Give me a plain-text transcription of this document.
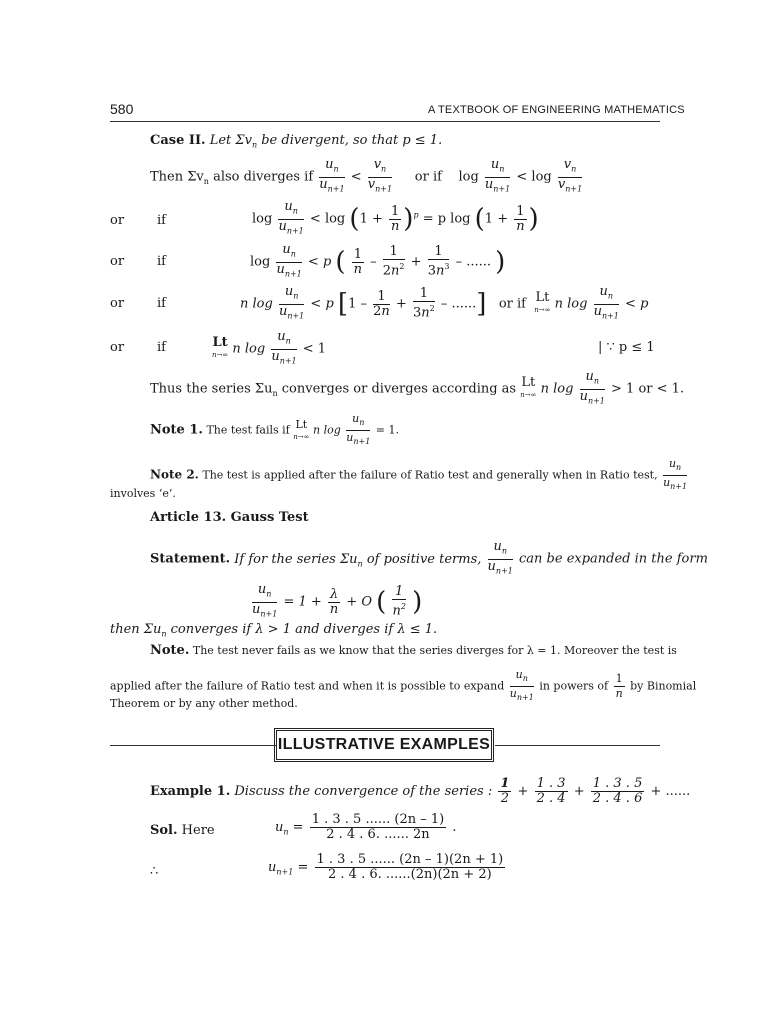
580	A TEXTBOOK OF ENGINEERING MATHEMATICS
Case II. Let $\Sigma v_n$ be divergent, so that p ≤ 1.
Then $\Sigma v_n$ also diverges if $\frac{u_n}{u_{n+1}} < \frac{v_n}{v_{n+1}}$ or if $\log \frac{u_n}{u_{n+1}} < \log \frac{v_n}{v_{n+1}}$
or	if	$\log \frac{u_n}{u_{n+1}} < \log (1 + \frac{1}{n} )^p = p$ $\log (1 + \frac{1}{n}$ )
or	if	$\log \frac{u_n}{u_{n+1}} < p$ ( $\frac{1}{n} - \frac{1}{2n^2} + \frac{1}{3n^3}$ – ...... )
or	if	n $\log \frac{u_n}{u_{n+1}} < p$ [$1 - \frac{1}{2n} + \frac{1}{3n^2}$ – ......] or if Lt
n→∞ n $\log \frac{u_n}{u_{n+1}} < p$
or	if	Lt
n→∞ n $\log \frac{u_n}{u_{n+1}} < 1$	| ∵ p ≤ 1
Thus the series $\Sigma u_n$ converges or diverges according as Lt
n→∞ n $\log \frac{u_n}{u_{n+1}} > 1$ or < 1.
Note 1. The test fails if Lt
n→∞ n $\log \frac{u_n}{u_{n+1}} = 1$.
Note 2. The test is applied after the failure of Ratio test and generally when in Ratio test, $\frac{u_n}{u_{n+1}}$
involves ‘e’.
Article 13. Gauss Test
Statement. If for the series $\Sigma u_n$ of positive terms, $\frac{u_n}{u_{n+1}}$ can be expanded in the form
$\frac{u_n}{u_{n+1}} = 1 + \frac{\lambda}{n} + O$ ( $\frac{1}{n^2}$ )
then $\Sigma u_n$ converges if λ > 1 and diverges if λ ≤ 1.
Note. The test never fails as we know that the series diverges for λ = 1. Moreover the test is
applied after the failure of Ratio test and when it is possible to expand $\frac{u_n}{u_{n+1}}$ in powers of $\frac{1}{n}$ by Binomial
Theorem or by any other method.
ILLUSTRATIVE EXAMPLES
Example 1. Discuss the convergence of the series : $\frac{1}{2} + \frac{1 . 3}{2 . 4} + \frac{1 . 3 . 5}{2 . 4 . 6}$ + ......
Sol. Here	$u_n = \frac{1 . 3 . 5 ...... (2n - 1)}{2 . 4 . 6. ...... 2n}$ .
∴	$u_{n+1} = \frac{1 . 3 . 5 ...... (2n - 1)(2n + 1)}{2 . 4 . 6. ......(2n)(2n + 2)}$
